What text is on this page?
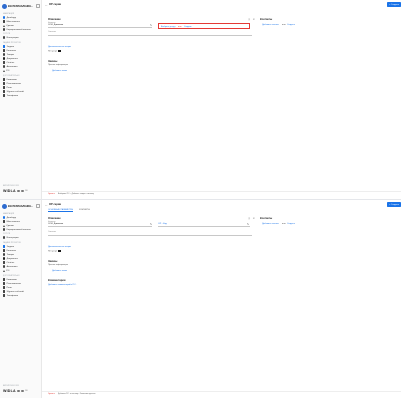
ЕКАТЕРИНАЛЕНИН...
НАВИГАЦИЯ
Дашборд
Мои клиенты
Сделки
Корпоративный каталог
УСЛУГИ
Интеграции
ЗАДАЧИ ПРОЕКТОВ
Задачи
Контакты
Товары
Документы
Отчёты
Аналитика
Р.С.
ДОПОЛНИТЕЛЬНО
Компании
Пользователи
Роли
Журнал событий
Телефония
ВЕРСИЯ 2024.1 2025
WIDLA	RU
← ОР серви	+ Создать
Описание	◷ ⊘
Название
ООО Домашка	✎	Выбрать услугу или Создать
Описание
Дополнительные опции
Нет услуг
Заказы
Прочая информация
Добавить заказ
Контакты
Добавить контакт или Создать
Удалить Выберите Р.С. • Добавьте новую в систему
ЕКАТЕРИНАЛЕНИН...
НАВИГАЦИЯ
Дашборд
Мои клиенты
Сделки
Корпоративный каталог
УСЛУГИ
Интеграции
ЗАДАЧИ ПРОЕКТОВ
Задачи
Контакты
Товары
Документы
Отчёты
Аналитика
Р.С.
ДОПОЛНИТЕЛЬНО
Компании
Пользователи
Роли
Журнал событий
Телефония
ВЕРСИЯ 2024.1 2025
WIDLA	RU
← ОР серви	+ Создать
ОСНОВНЫЕ ПАРАМЕТРЫ	КОНТАКТЫ
Описание	◷ ⊘
Название
ООО Домашка	✎	ОР - Код	✎
Описание
Дополнительные опции
Нет услуг
Заказы
Прочая информация
Добавить заказ
Комментарии
Добавить комментарий к Р.С.
Контакты
Добавить контакт или Создать
Удалить Добавьте Р.С. в систему • Заполните данные
